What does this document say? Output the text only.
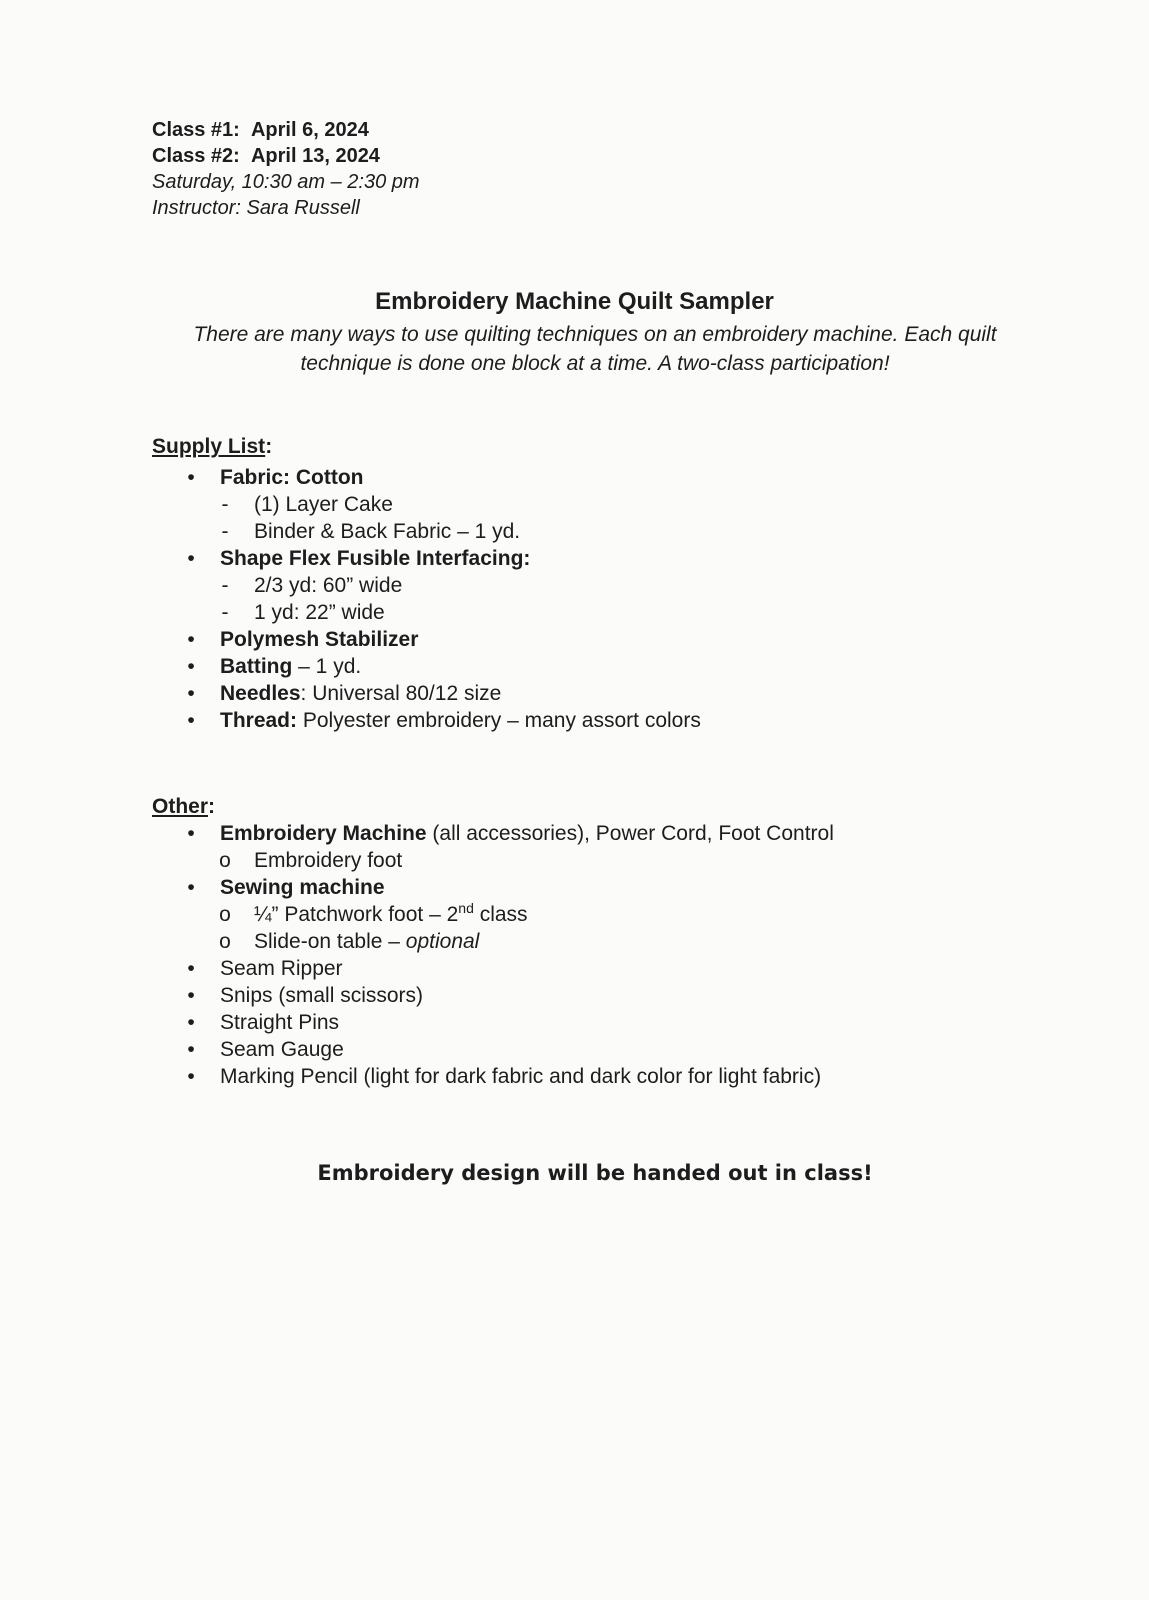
Class #1: April 6, 2024
Class #2: April 13, 2024
Saturday, 10:30 am – 2:30 pm
Instructor: Sara Russell
Embroidery Machine Quilt Sampler
There are many ways to use quilting techniques on an embroidery machine. Each quilt technique is done one block at a time. A two-class participation!
Supply List:
• Fabric: Cotton
- (1) Layer Cake
- Binder & Back Fabric – 1 yd.
• Shape Flex Fusible Interfacing:
- 2/3 yd: 60” wide
- 1 yd: 22” wide
• Polymesh Stabilizer
• Batting – 1 yd.
• Needles: Universal 80/12 size
• Thread: Polyester embroidery – many assort colors
Other:
• Embroidery Machine (all accessories), Power Cord, Foot Control
o Embroidery foot
• Sewing machine
o ¼” Patchwork foot – 2nd class
o Slide-on table – optional
• Seam Ripper
• Snips (small scissors)
• Straight Pins
• Seam Gauge
• Marking Pencil (light for dark fabric and dark color for light fabric)
Embroidery design will be handed out in class!
